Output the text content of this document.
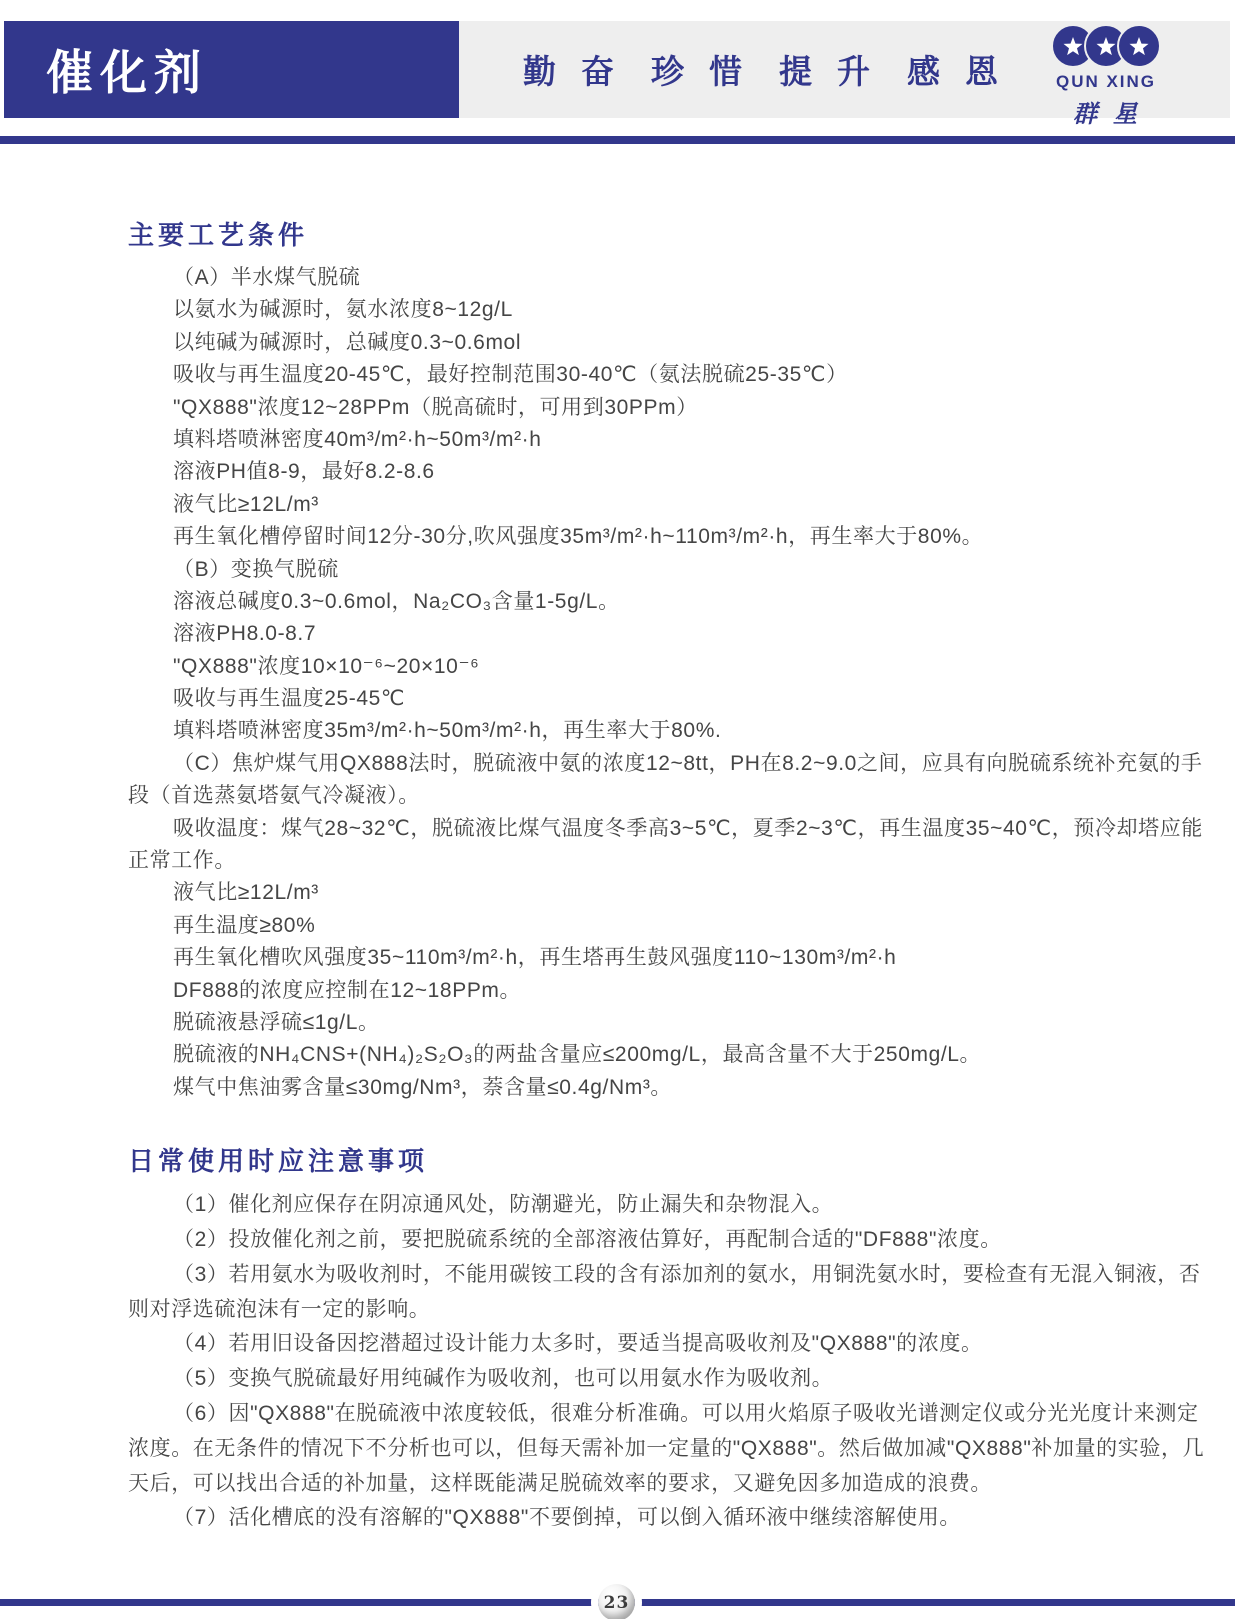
催化剂	勤奋 珍惜 提升 感恩 QUN XING
群星
主要工艺条件
（A）半水煤气脱硫
以氨水为碱源时，氨水浓度8~12g/L
以纯碱为碱源时，总碱度0.3~0.6mol
吸收与再生温度20-45℃，最好控制范围30-40℃（氨法脱硫25-35℃）
"QX888"浓度12~28PPm（脱高硫时，可用到30PPm）
填料塔喷淋密度40m³/m²·h~50m³/m²·h
溶液PH值8-9，最好8.2-8.6
液气比≥12L/m³
再生氧化槽停留时间12分-30分,吹风强度35m³/m²·h~110m³/m²·h，再生率大于80%。
（B）变换气脱硫
溶液总碱度0.3~0.6mol，Na₂CO₃含量1-5g/L。
溶液PH8.0-8.7
"QX888"浓度10×10⁻⁶~20×10⁻⁶
吸收与再生温度25-45℃
填料塔喷淋密度35m³/m²·h~50m³/m²·h，再生率大于80%.
（C）焦炉煤气用QX888法时，脱硫液中氨的浓度12~8tt，PH在8.2~9.0之间，应具有向脱硫系统补充氨的手
段（首选蒸氨塔氨气冷凝液）。
吸收温度：煤气28~32℃，脱硫液比煤气温度冬季高3~5℃，夏季2~3℃，再生温度35~40℃，预冷却塔应能
正常工作。
液气比≥12L/m³
再生温度≥80%
再生氧化槽吹风强度35~110m³/m²·h，再生塔再生鼓风强度110~130m³/m²·h
DF888的浓度应控制在12~18PPm。
脱硫液悬浮硫≤1g/L。
脱硫液的NH₄CNS+(NH₄)₂S₂O₃的两盐含量应≤200mg/L，最高含量不大于250mg/L。
煤气中焦油雾含量≤30mg/Nm³，萘含量≤0.4g/Nm³。
日常使用时应注意事项
（1）催化剂应保存在阴凉通风处，防潮避光，防止漏失和杂物混入。
（2）投放催化剂之前，要把脱硫系统的全部溶液估算好，再配制合适的"DF888"浓度。
（3）若用氨水为吸收剂时，不能用碳铵工段的含有添加剂的氨水，用铜洗氨水时，要检查有无混入铜液，否
则对浮选硫泡沫有一定的影响。
（4）若用旧设备因挖潜超过设计能力太多时，要适当提高吸收剂及"QX888"的浓度。
（5）变换气脱硫最好用纯碱作为吸收剂，也可以用氨水作为吸收剂。
（6）因"QX888"在脱硫液中浓度较低，很难分析准确。可以用火焰原子吸收光谱测定仪或分光光度计来测定
浓度。在无条件的情况下不分析也可以，但每天需补加一定量的"QX888"。然后做加减"QX888"补加量的实验，几
天后，可以找出合适的补加量，这样既能满足脱硫效率的要求，又避免因多加造成的浪费。
（7）活化槽底的没有溶解的"QX888"不要倒掉，可以倒入循环液中继续溶解使用。
23
